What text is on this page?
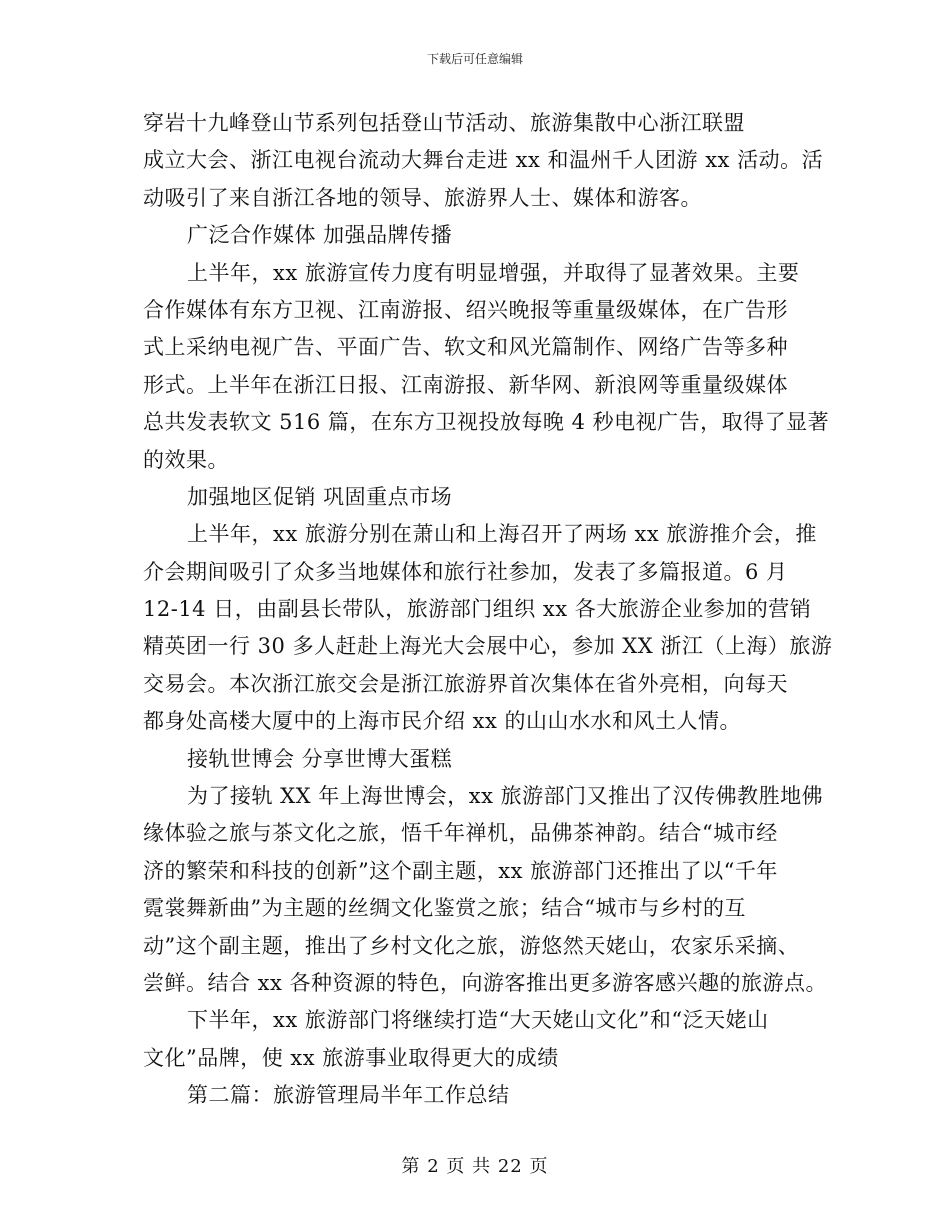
下载后可任意编辑
穿岩十九峰登山节系列包括登山节活动、旅游集散中心浙江联盟
成立大会、浙江电视台流动大舞台走进 xx 和温州千人团游 xx 活动。活
动吸引了来自浙江各地的领导、旅游界人士、媒体和游客。
广泛合作媒体 加强品牌传播
上半年，xx 旅游宣传力度有明显增强，并取得了显著效果。主要
合作媒体有东方卫视、江南游报、绍兴晚报等重量级媒体，在广告形
式上采纳电视广告、平面广告、软文和风光篇制作、网络广告等多种
形式。上半年在浙江日报、江南游报、新华网、新浪网等重量级媒体
总共发表软文 516 篇，在东方卫视投放每晚 4 秒电视广告，取得了显著
的效果。
加强地区促销 巩固重点市场
上半年，xx 旅游分别在萧山和上海召开了两场 xx 旅游推介会，推
介会期间吸引了众多当地媒体和旅行社参加，发表了多篇报道。6 月
12-14 日，由副县长带队，旅游部门组织 xx 各大旅游企业参加的营销
精英团一行 30 多人赶赴上海光大会展中心，参加 XX 浙江（上海）旅游
交易会。本次浙江旅交会是浙江旅游界首次集体在省外亮相，向每天
都身处高楼大厦中的上海市民介绍 xx 的山山水水和风土人情。
接轨世博会 分享世博大蛋糕
为了接轨 XX 年上海世博会，xx 旅游部门又推出了汉传佛教胜地佛
缘体验之旅与茶文化之旅，悟千年禅机，品佛茶神韵。结合“城市经
济的繁荣和科技的创新”这个副主题，xx 旅游部门还推出了以“千年
霓裳舞新曲”为主题的丝绸文化鉴赏之旅；结合“城市与乡村的互
动”这个副主题，推出了乡村文化之旅，游悠然天姥山，农家乐采摘、
尝鲜。结合 xx 各种资源的特色，向游客推出更多游客感兴趣的旅游点。
下半年，xx 旅游部门将继续打造“大天姥山文化”和“泛天姥山
文化”品牌，使 xx 旅游事业取得更大的成绩
第二篇：旅游管理局半年工作总结
第 2 页 共 22 页
